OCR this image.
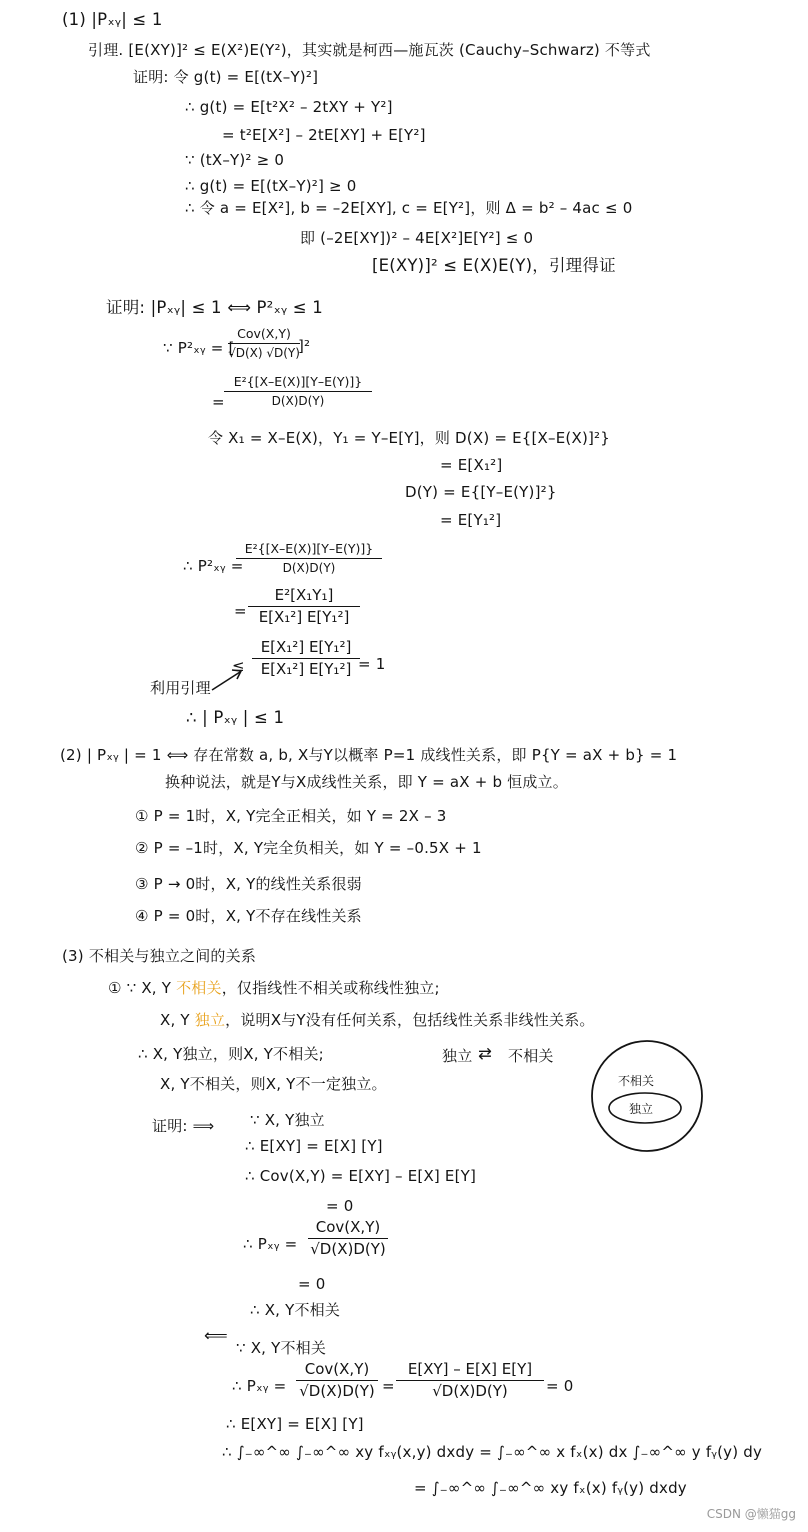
(1) |Pₓᵧ| ≤ 1
引理. [E(XY)]² ≤ E(X²)E(Y²)，其实就是柯西—施瓦茨 (Cauchy–Schwarz) 不等式
证明: 令 g(t) = E[(tX–Y)²]
∴ g(t) = E[t²X² – 2tXY + Y²]
= t²E[X²] – 2tE[XY] + E[Y²]
∵ (tX–Y)² ≥ 0
∴ g(t) = E[(tX–Y)²] ≥ 0
∴ 令 a = E[X²], b = –2E[XY], c = E[Y²]，则 Δ = b² – 4ac ≤ 0
即 (–2E[XY])² – 4E[X²]E[Y²] ≤ 0
[E(XY)]² ≤ E(X)E(Y)，引理得证
证明: |Pₓᵧ| ≤ 1 ⟺ P²ₓᵧ ≤ 1
∵ P²ₓᵧ = [
Cov(X,Y)
√D(X) √D(Y)
]²
=
E²{[X–E(X)][Y–E(Y)]}
D(X)D(Y)
令 X₁ = X–E(X)，Y₁ = Y–E[Y]，则 D(X) = E{[X–E(X)]²}
= E[X₁²]
D(Y) = E{[Y–E(Y)]²}
= E[Y₁²]
∴ P²ₓᵧ =
E²{[X–E(X)][Y–E(Y)]}
D(X)D(Y)
=
E²[X₁Y₁]
E[X₁²] E[Y₁²]
≤
E[X₁²] E[Y₁²]
E[X₁²] E[Y₁²] = 1
利用引理
∴ | Pₓᵧ | ≤ 1
(2) | Pₓᵧ | = 1 ⟺ 存在常数 a, b, X与Y以概率 P=1 成线性关系，即 P{Y = aX + b} = 1
换种说法，就是Y与X成线性关系，即 Y = aX + b 恒成立。
① P = 1时，X, Y完全正相关，如 Y = 2X – 3
② P = –1时，X, Y完全负相关，如 Y = –0.5X + 1
③ P → 0时，X, Y的线性关系很弱
④ P = 0时，X, Y不存在线性关系
(3) 不相关与独立之间的关系
① ∵ X, Y 不相关，仅指线性不相关或称线性独立;
X, Y 独立，说明X与Y没有任何关系，包括线性关系非线性关系。
∴ X, Y独立，则X, Y不相关;
X, Y不相关，则X, Y不一定独立。
独立 ⇄ 不相关
不相关
独立
证明: ⟹ ∵ X, Y独立
∴ E[XY] = E[X] [Y]
∴ Cov(X,Y) = E[XY] – E[X] E[Y]
= 0
∴ Pₓᵧ =
Cov(X,Y)
√D(X)D(Y)
= 0
∴ X, Y不相关
⟸
∵ X, Y不相关
∴ Pₓᵧ =
Cov(X,Y)
√D(X)D(Y) =
E[XY] – E[X] E[Y]
√D(X)D(Y)	= 0
∴ E[XY] = E[X] [Y]
∴ ∫₋∞^∞ ∫₋∞^∞ xy fₓᵧ(x,y) dxdy = ∫₋∞^∞ x fₓ(x) dx ∫₋∞^∞ y fᵧ(y) dy
= ∫₋∞^∞ ∫₋∞^∞ xy fₓ(x) fᵧ(y) dxdy
CSDN @懒猫gg
